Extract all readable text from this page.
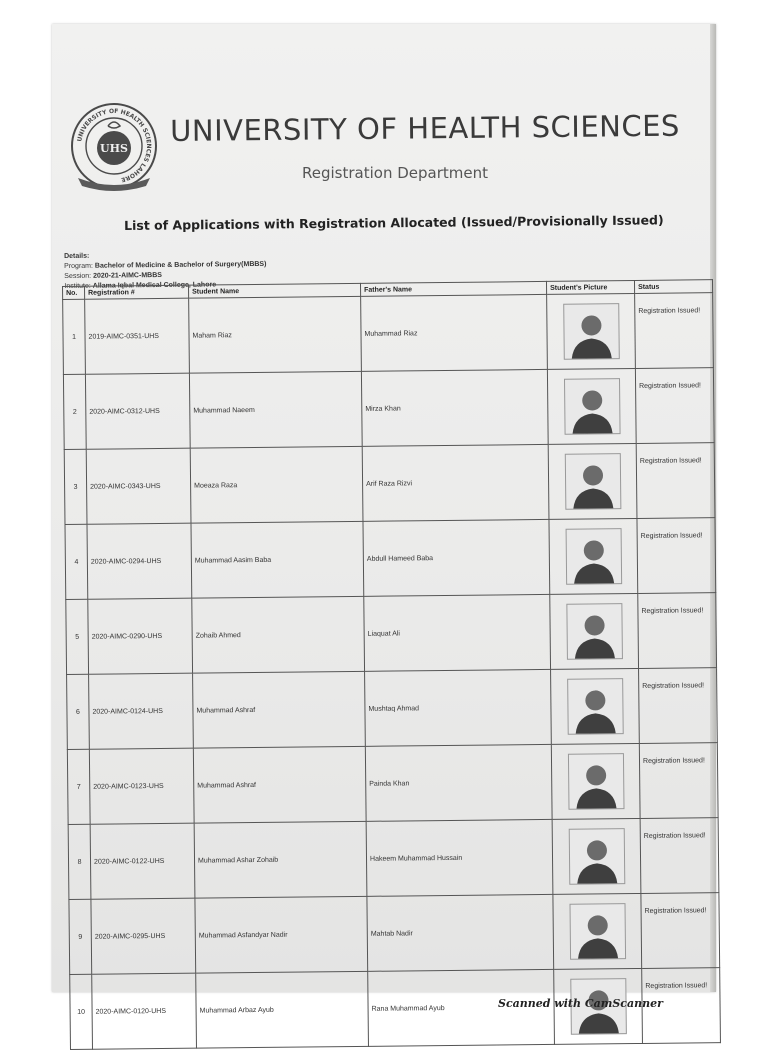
UHS
UNIVERSITY OF HEALTH SCIENCES LAHORE
UNIVERSITY OF HEALTH SCIENCES
Registration Department
List of Applications with Registration Allocated (Issued/Provisionally Issued)
Details:
Program: Bachelor of Medicine & Bachelor of Surgery(MBBS)
Session: 2020-21-AIMC-MBBS
Institute: Allama Iqbal Medical College, Lahore
No.	Registration #	Student Name	Father's Name	Student's Picture	Status
1	2019-AIMC-0351-UHS	Maham Riaz	Muhammad Riaz		Registration Issued!
2	2020-AIMC-0312-UHS	Muhammad Naeem	Mirza Khan		Registration Issued!
3	2020-AIMC-0343-UHS	Moeaza Raza	Arif Raza Rizvi		Registration Issued!
4	2020-AIMC-0294-UHS	Muhammad Aasim Baba	Abdull Hameed Baba		Registration Issued!
5	2020-AIMC-0290-UHS	Zohaib Ahmed	Liaquat Ali		Registration Issued!
6	2020-AIMC-0124-UHS	Muhammad Ashraf	Mushtaq Ahmad		Registration Issued!
7	2020-AIMC-0123-UHS	Muhammad Ashraf	Painda Khan		Registration Issued!
8	2020-AIMC-0122-UHS	Muhammad Ashar Zohaib	Hakeem Muhammad Hussain		Registration Issued!
9	2020-AIMC-0295-UHS	Muhammad Asfandyar Nadir	Mahtab Nadir		Registration Issued!
10	2020-AIMC-0120-UHS	Muhammad Arbaz Ayub	Rana Muhammad Ayub		Registration Issued!
Scanned with CamScanner
